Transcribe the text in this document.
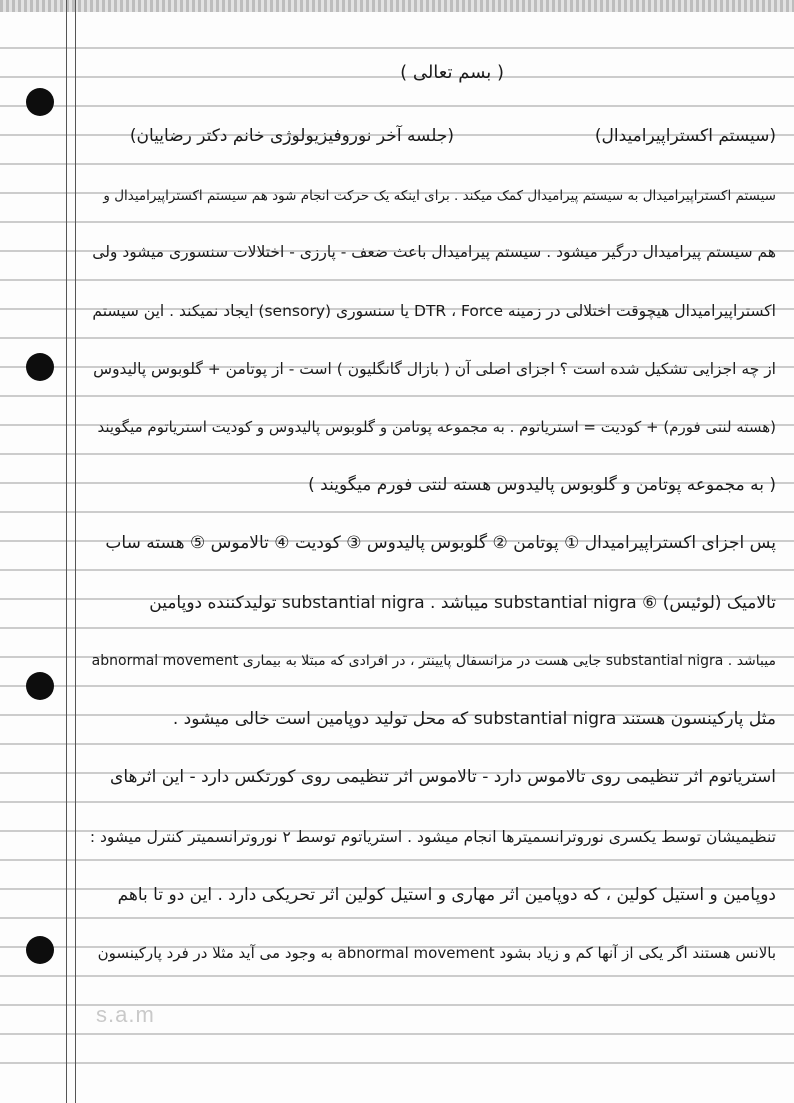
( بسم تعالی )
(جلسه آخر نوروفیزیولوژی خانم دکتر رضاییان)	(سیستم اکستراپیرامیدال)
سیستم اکستراپیرامیدال به سیستم پیرامیدال کمک میکند . برای اینکه یک حرکت انجام شود هم سیستم اکستراپیرامیدال و
هم سیستم پیرامیدال درگیر میشود . سیستم پیرامیدال باعث ضعف - پارزی - اختلالات سنسوری میشود ولی
اکستراپیرامیدال هیچوقت اختلالی در زمینه DTR ، Force یا سنسوری (sensory) ایجاد نمیکند . این سیستم
از چه اجزایی تشکیل شده است ؟ اجزای اصلی آن ( بازال گانگلیون ) است - از پوتامن + گلوبوس پالیدوس
(هسته لنتی فورم) + کودیت = استریاتوم . به مجموعه پوتامن و گلوبوس پالیدوس و کودیت استریاتوم میگویند
( به مجموعه پوتامن و گلوبوس پالیدوس هسته لنتی فورم میگویند )
پس اجزای اکستراپیرامیدال ① پوتامن ② گلوبوس پالیدوس ③ کودیت ④ تالاموس ⑤ هسته ساب
تالامیک (لوئیس) ⑥ substantial nigra میباشد . substantial nigra تولیدکننده دوپامین
میباشد . substantial nigra جایی هست در مزانسفال پایینتر ، در افرادی که مبتلا به بیماری abnormal movement
مثل پارکینسون هستند substantial nigra که محل تولید دوپامین است خالی میشود .
استریاتوم اثر تنظیمی روی تالاموس دارد - تالاموس اثر تنظیمی روی کورتکس دارد - این اثرهای
تنظیمیشان توسط یکسری نوروترانسمیترها انجام میشود . استریاتوم توسط ۲ نوروترانسمیتر کنترل میشود :
دوپامین و استیل کولین ، که دوپامین اثر مهاری و استیل کولین اثر تحریکی دارد . این دو تا باهم
بالانس هستند اگر یکی از آنها کم و زیاد بشود abnormal movement به وجود می آید مثلا در فرد پارکینسون
s.a.m
